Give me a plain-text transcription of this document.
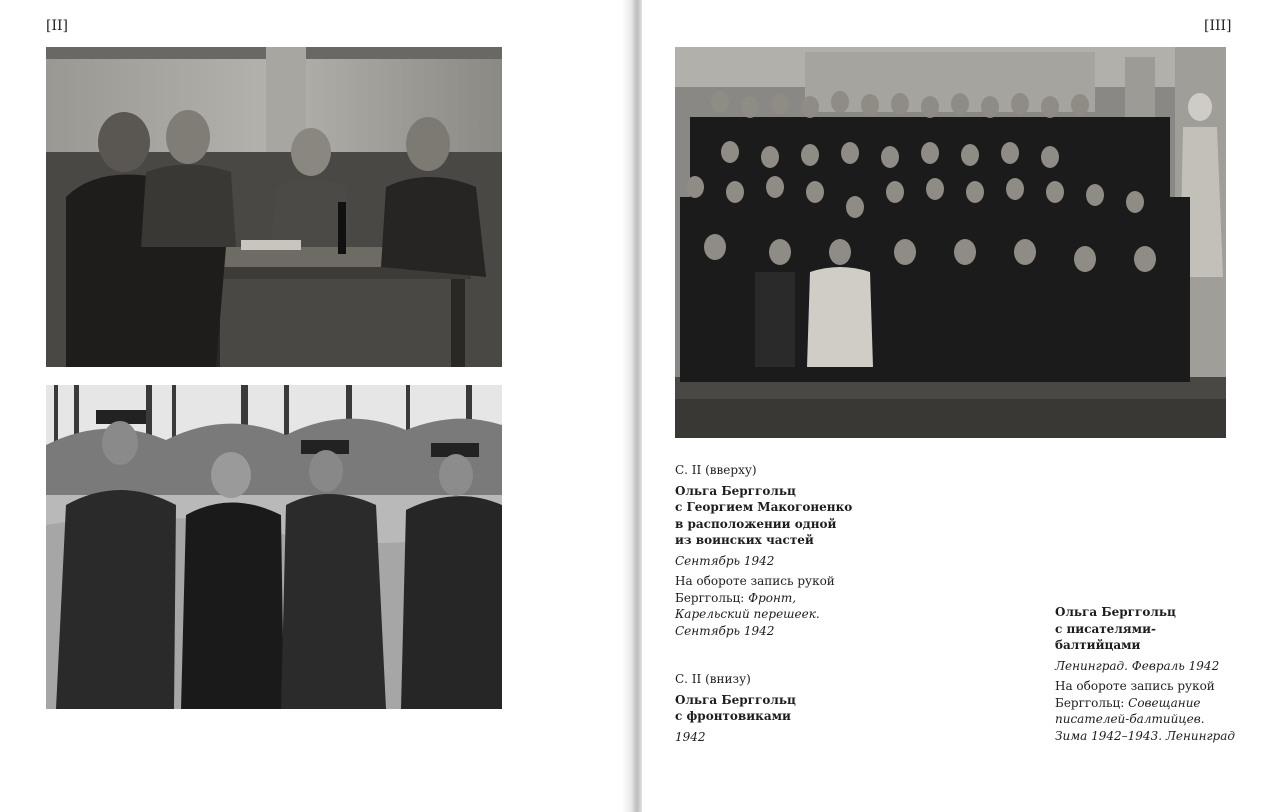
[II]	[III]

С. II (вверху)

Ольга Берггольц
с Георгием Макогоненко
в расположении одной
из воинских частей

Сентябрь 1942

На обороте запись рукой
Берггольц: Фронт,
Карельский перешеек.
Сентябрь 1942

С. II (внизу)

Ольга Берггольц
с фронтовиками

1942

Ольга Берггольц
с писателями-
балтийцами

Ленинград. Февраль 1942

На обороте запись рукой
Берггольц: Совещание
писателей-балтийцев.
Зима 1942–1943. Ленинград
